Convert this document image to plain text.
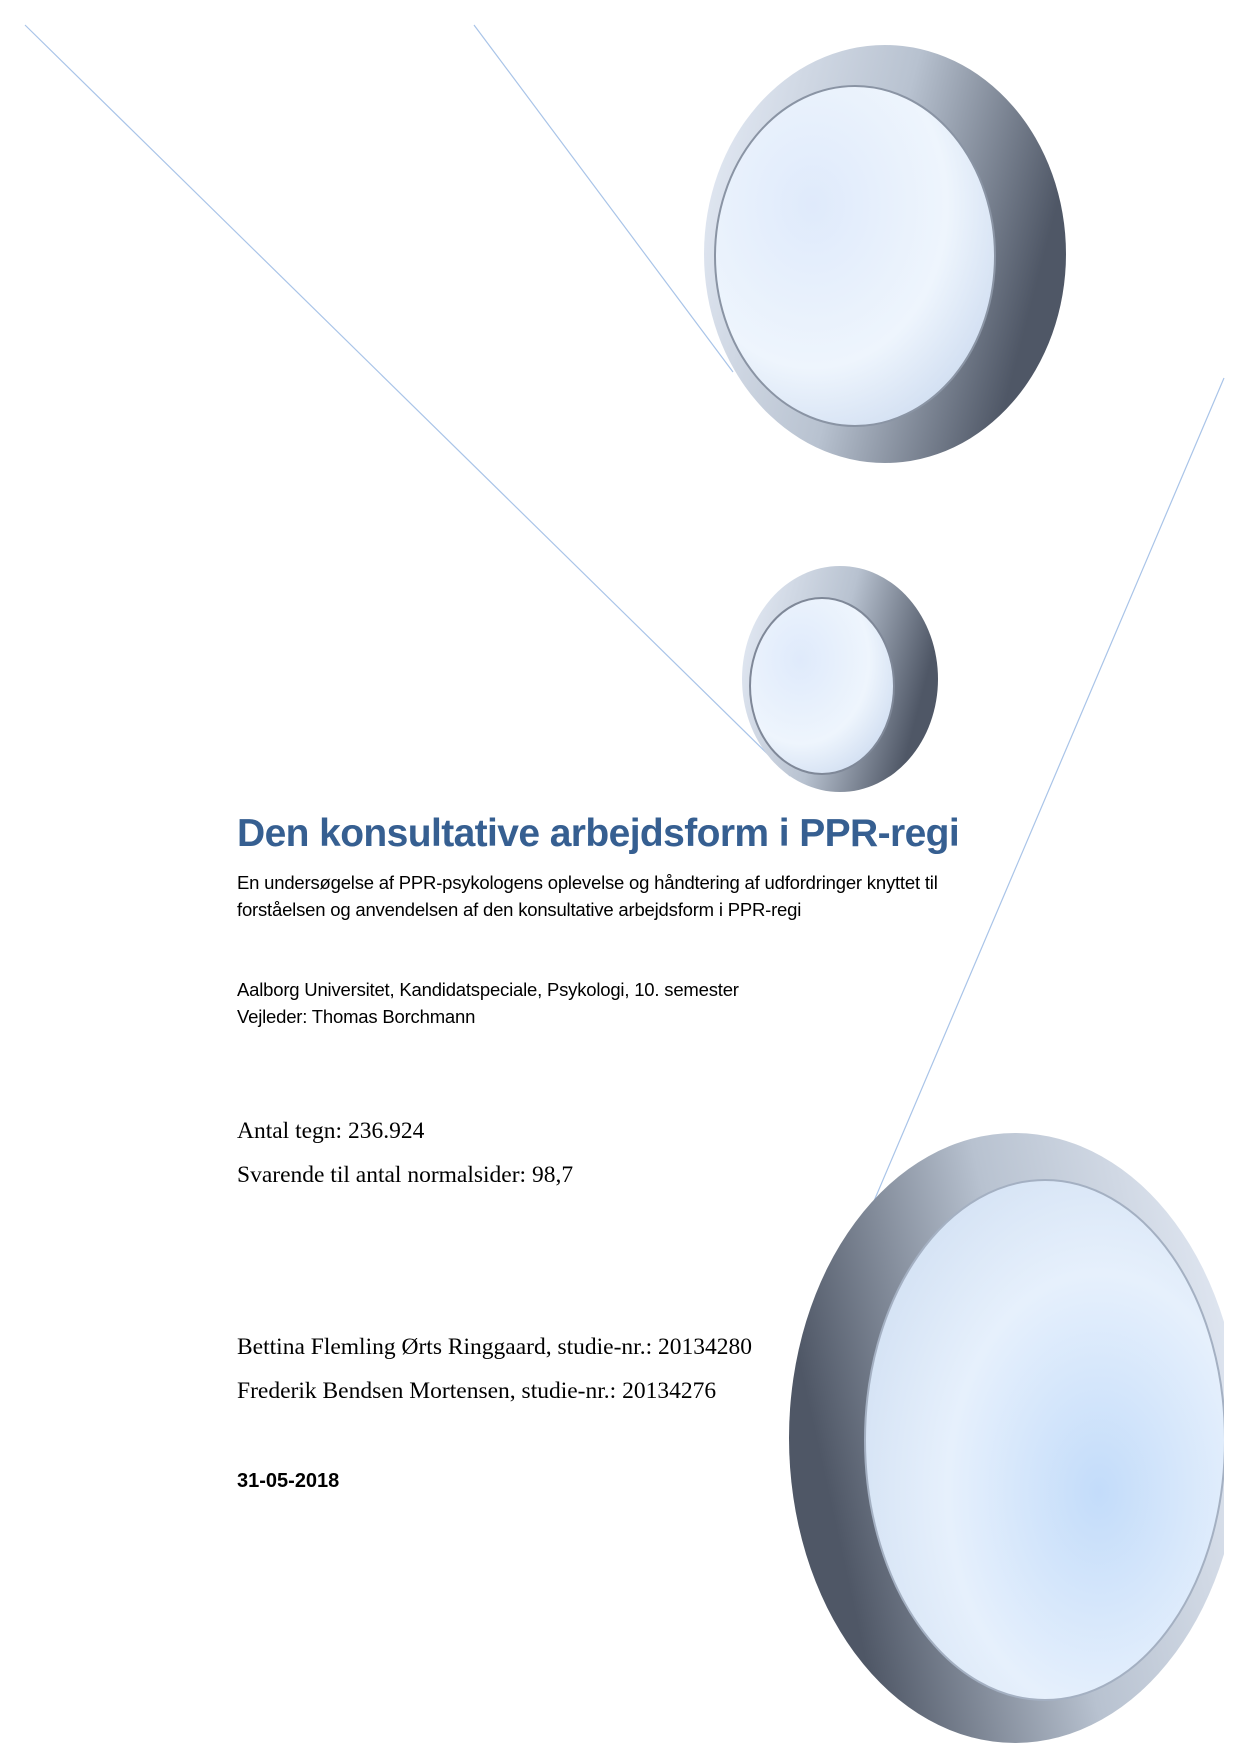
Den konsultative arbejdsform i PPR-regi

En undersøgelse af PPR-psykologens oplevelse og håndtering af udfordringer knyttet til

forståelsen og anvendelsen af den konsultative arbejdsform i PPR-regi

Aalborg Universitet, Kandidatspeciale, Psykologi, 10. semester

Vejleder: Thomas Borchmann

Antal tegn: 236.924

Svarende til antal normalsider: 98,7

Bettina Flemling Ørts Ringgaard, studie-nr.: 20134280

Frederik Bendsen Mortensen, studie-nr.: 20134276

31-05-2018
